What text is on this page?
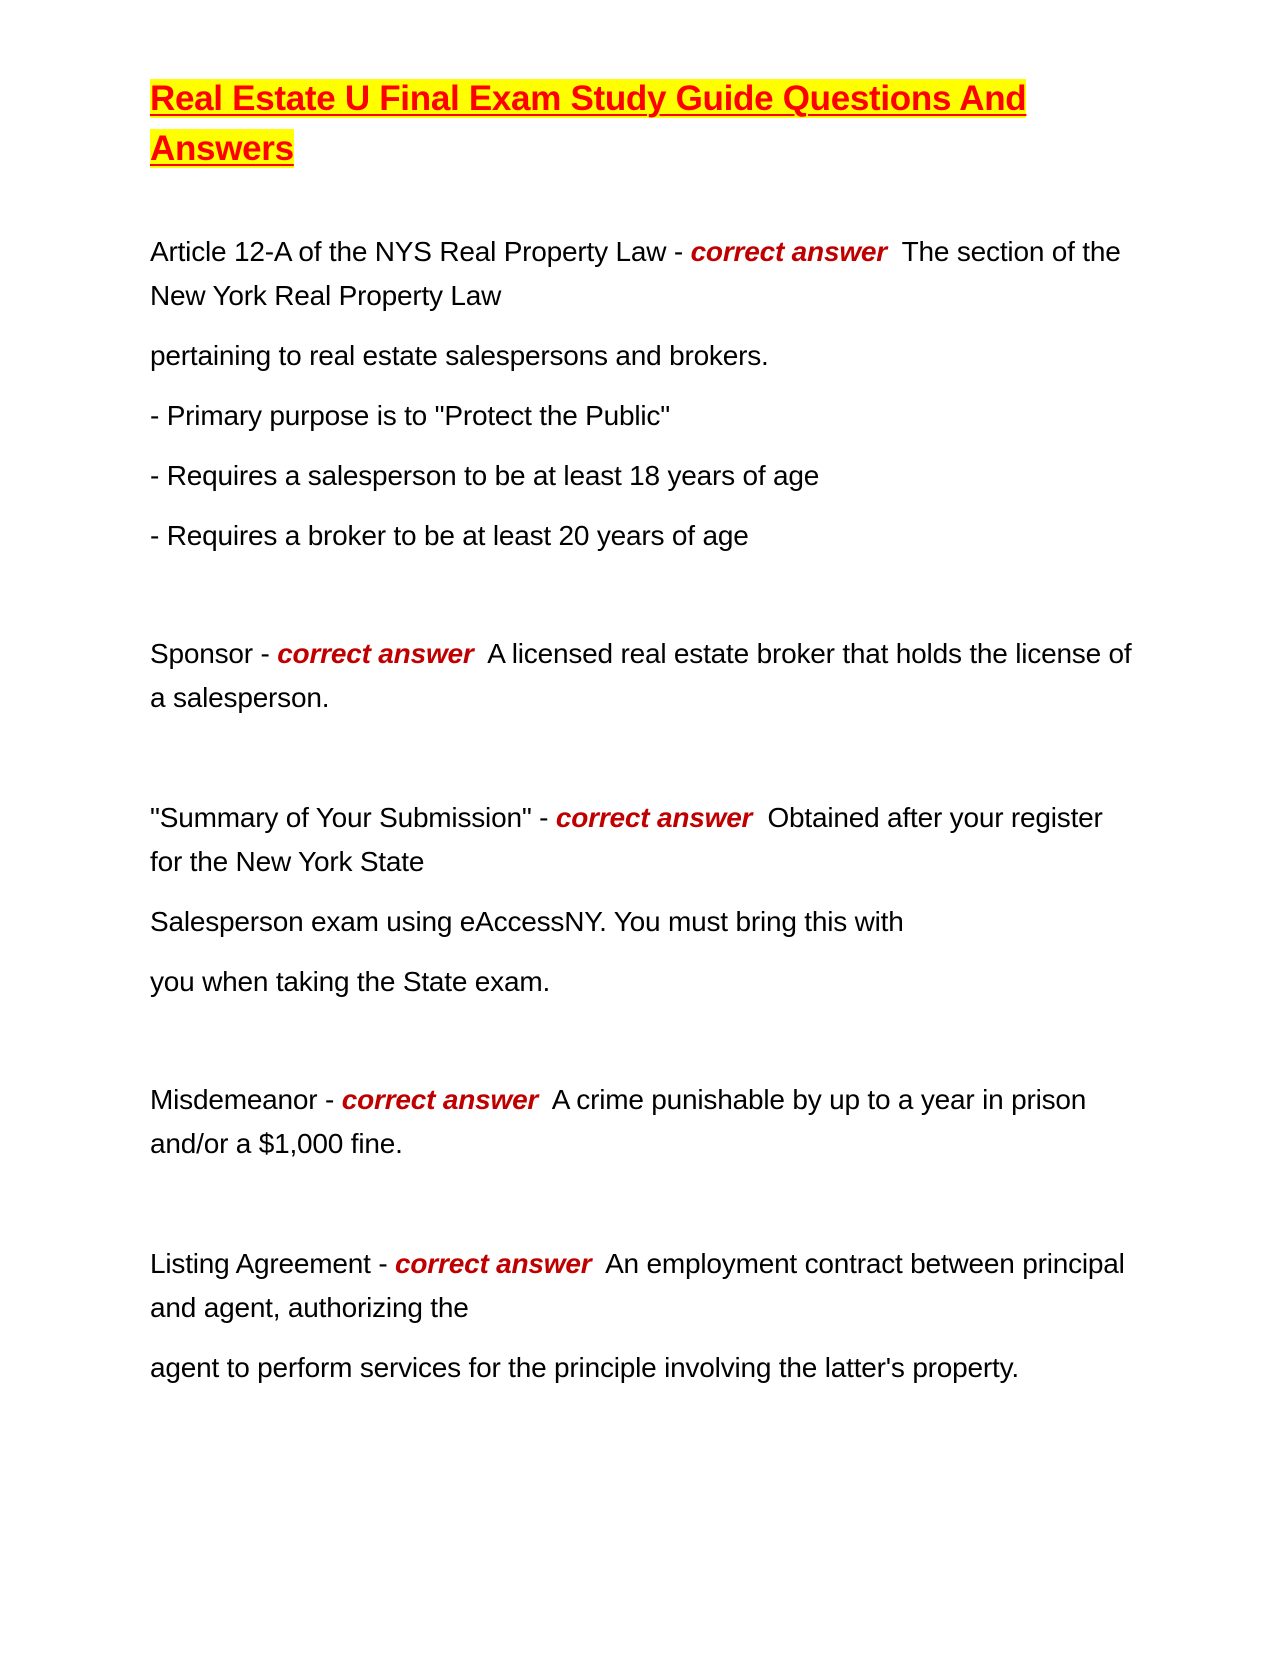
Real Estate U Final Exam Study Guide Questions And Answers

Article 12-A of the NYS Real Property Law - correct answer The section of the New York Real Property Law

pertaining to real estate salespersons and brokers.

- Primary purpose is to "Protect the Public"

- Requires a salesperson to be at least 18 years of age

- Requires a broker to be at least 20 years of age

Sponsor - correct answer A licensed real estate broker that holds the license of a salesperson.

"Summary of Your Submission" - correct answer Obtained after your register for the New York State

Salesperson exam using eAccessNY. You must bring this with

you when taking the State exam.

Misdemeanor - correct answer A crime punishable by up to a year in prison and/or a $1,000 fine.

Listing Agreement - correct answer An employment contract between principal and agent, authorizing the

agent to perform services for the principle involving the latter's property.
